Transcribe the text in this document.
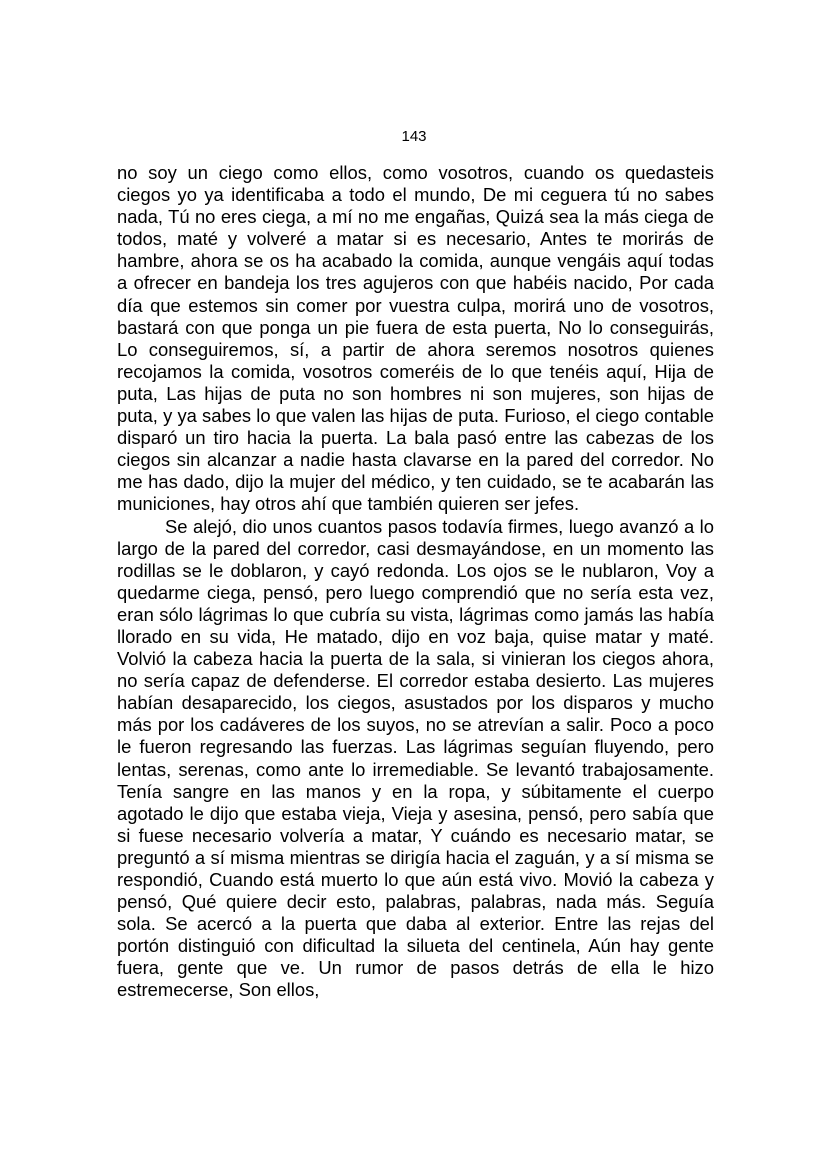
143

no soy un ciego como ellos, como vosotros, cuando os quedasteis ciegos yo ya identificaba a todo el mundo, De mi ceguera tú no sabes nada, Tú no eres ciega, a mí no me engañas, Quizá sea la más ciega de todos, maté y volveré a matar si es necesario, Antes te morirás de hambre, ahora se os ha acabado la comida, aunque vengáis aquí todas a ofrecer en bandeja los tres agujeros con que habéis nacido, Por cada día que estemos sin comer por vuestra culpa, morirá uno de vosotros, bastará con que ponga un pie fuera de esta puerta, No lo conseguirás, Lo conseguiremos, sí, a partir de ahora seremos nosotros quienes recojamos la comida, vosotros comeréis de lo que tenéis aquí, Hija de puta, Las hijas de puta no son hombres ni son mujeres, son hijas de puta, y ya sabes lo que valen las hijas de puta. Furioso, el ciego contable disparó un tiro hacia la puerta. La bala pasó entre las cabezas de los ciegos sin alcanzar a nadie hasta clavarse en la pared del corredor. No me has dado, dijo la mujer del médico, y ten cuidado, se te acabarán las municiones, hay otros ahí que también quieren ser jefes.

Se alejó, dio unos cuantos pasos todavía firmes, luego avanzó a lo largo de la pared del corredor, casi desmayándose, en un momento las rodillas se le doblaron, y cayó redonda. Los ojos se le nublaron, Voy a quedarme ciega, pensó, pero luego comprendió que no sería esta vez, eran sólo lágrimas lo que cubría su vista, lágrimas como jamás las había llorado en su vida, He matado, dijo en voz baja, quise matar y maté. Volvió la cabeza hacia la puerta de la sala, si vinieran los ciegos ahora, no sería capaz de defenderse. El corredor estaba desierto. Las mujeres habían desaparecido, los ciegos, asustados por los disparos y mucho más por los cadáveres de los suyos, no se atrevían a salir. Poco a poco le fueron regresando las fuerzas. Las lágrimas seguían fluyendo, pero lentas, serenas, como ante lo irremediable. Se levantó trabajosamente. Tenía sangre en las manos y en la ropa, y súbitamente el cuerpo agotado le dijo que estaba vieja, Vieja y asesina, pensó, pero sabía que si fuese necesario volvería a matar, Y cuándo es necesario matar, se preguntó a sí misma mientras se dirigía hacia el zaguán, y a sí misma se respondió, Cuando está muerto lo que aún está vivo. Movió la cabeza y pensó, Qué quiere decir esto, palabras, palabras, nada más. Seguía sola. Se acercó a la puerta que daba al exterior. Entre las rejas del portón distinguió con dificultad la silueta del centinela, Aún hay gente fuera, gente que ve. Un rumor de pasos detrás de ella le hizo estremecerse, Son ellos,
